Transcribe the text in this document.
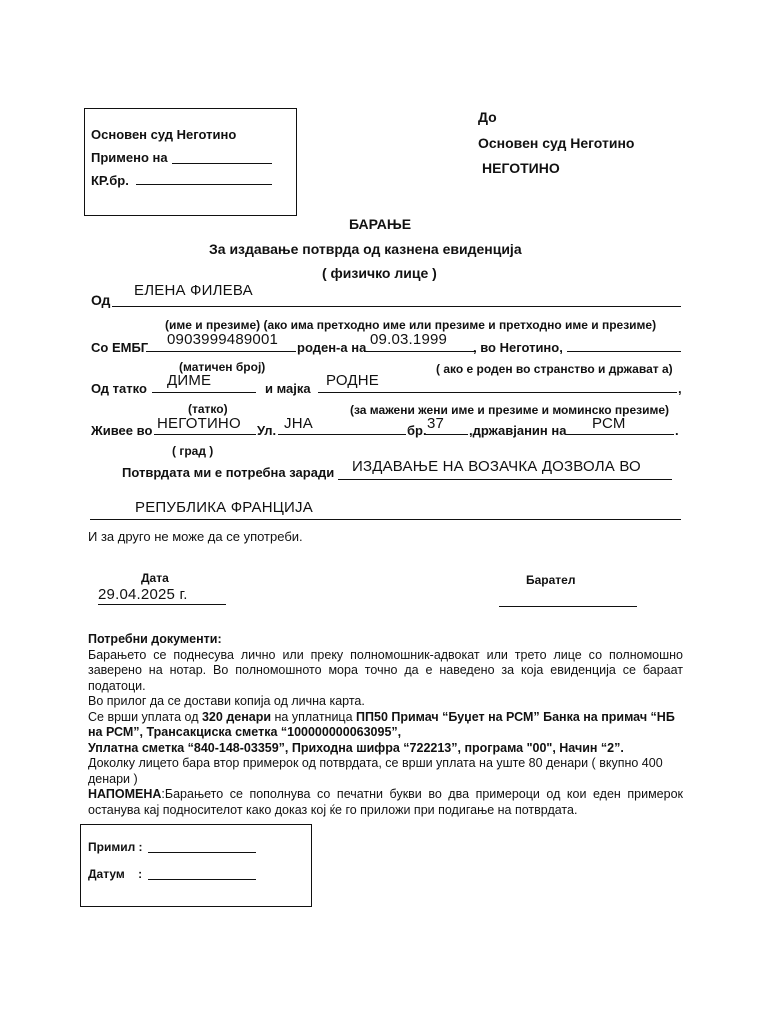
Основен суд Неготино
Примено на
КР.бр.
До
Основен суд Неготино
НЕГОТИНО
БАРАЊЕ
За издавање потврда од казнена евиденција
( физичко лице )
Од
ЕЛЕНА ФИЛЕВА
(име и презиме) (ако има претходно име или презиме и претходно име и презиме)
Со ЕМБГ 0903999489001 роден-а на 09.03.1999 , во Неготино,
(матичен број)	( ако е роден во странство и држават а)
Од татко ДИМЕ	и мајка РОДНЕ	,
(татко)	(за мажени жени име и презиме и моминско презиме)
Живее во НЕГОТИНО Ул. ЈНА	бр. 37 ,државјанин на РСМ	.
( град )
Потврдата ми е потребна заради ИЗДАВАЊЕ НА ВОЗАЧКА ДОЗВОЛА ВО
РЕПУБЛИКА ФРАНЦИЈА
И за друго не може да се употреби.
Дата
29.04.2025 г.
Барател

Потребни документи:

Барањето се поднесува лично или преку полномошник-адвокат или трето лице со полномошно заверено на нотар. Во полномошното мора точно да е наведено за која евиденција се бараат податоци.

Во прилог да се достави копија од лична карта.

Се врши уплата од 320 денари на уплатница ПП50 Примач “Буџет на РСМ” Банка на примач “НБ на РСМ”, Трансакциска сметка “100000000063095”,

Уплатна сметка “840-148-03359”, Приходна шифра “722213”, програма "00", Начин “2”.

Доколку лицето бара втор примерок од потврдата, се врши уплата на уште 80 денари ( вкупно 400 денари )

НАПОМЕНА:Барањето се пополнува со печатни букви во два примероци од кои еден примерок останува кај подносителот како доказ кој ќе го приложи при подигање на потврдата.

Примил :
Датум    :
